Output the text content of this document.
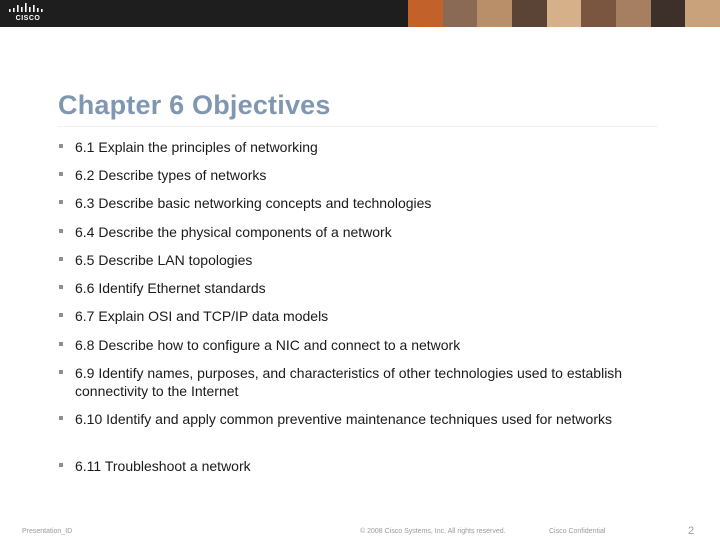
CISCO
Chapter 6 Objectives
6.1 Explain the principles of networking
6.2 Describe types of networks
6.3 Describe basic networking concepts and technologies
6.4 Describe the physical components of a network
6.5 Describe LAN topologies
6.6 Identify Ethernet standards
6.7 Explain OSI and TCP/IP data models
6.8 Describe how to configure a NIC and connect to a network
6.9 Identify names, purposes, and characteristics of other technologies used to establish connectivity to the Internet
6.10 Identify and apply common preventive maintenance techniques used for networks
6.11 Troubleshoot a network
Presentation_ID	© 2008 Cisco Systems, Inc. All rights reserved.	Cisco Confidential	2
